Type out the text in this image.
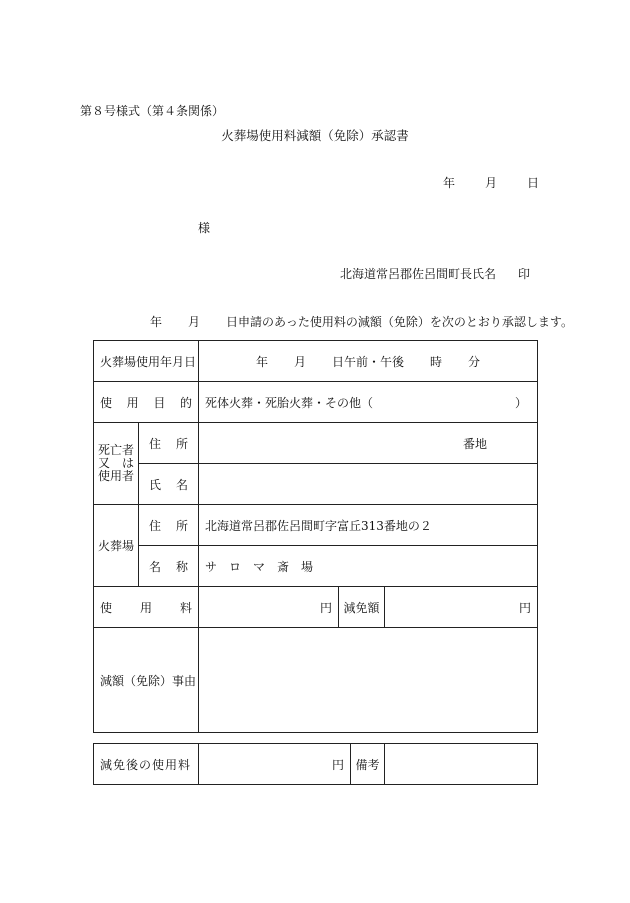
第８号様式（第４条関係）
火葬場使用料減額（免除）承認書
年	月	日
様
北海道常呂郡佐呂間町長氏名 印
年 月 日申請のあった使用料の減額（免除）を次のとおり承認します。
火葬場使用年月日		年 月 日午前・午後 時 分		

使 用 目 的		死体火葬・死胎火葬・その他（ ）		

死亡者
又　は
使用者	住 所	番地		

	氏 名			

火葬場	住 所	北海道常呂郡佐呂間町字富丘313番地の２		

	名 称	サ　ロ　マ　斎　場		

使 用 料		円	減免額	円
減額（免除）事由				
減免後の使用料	円	備考	
